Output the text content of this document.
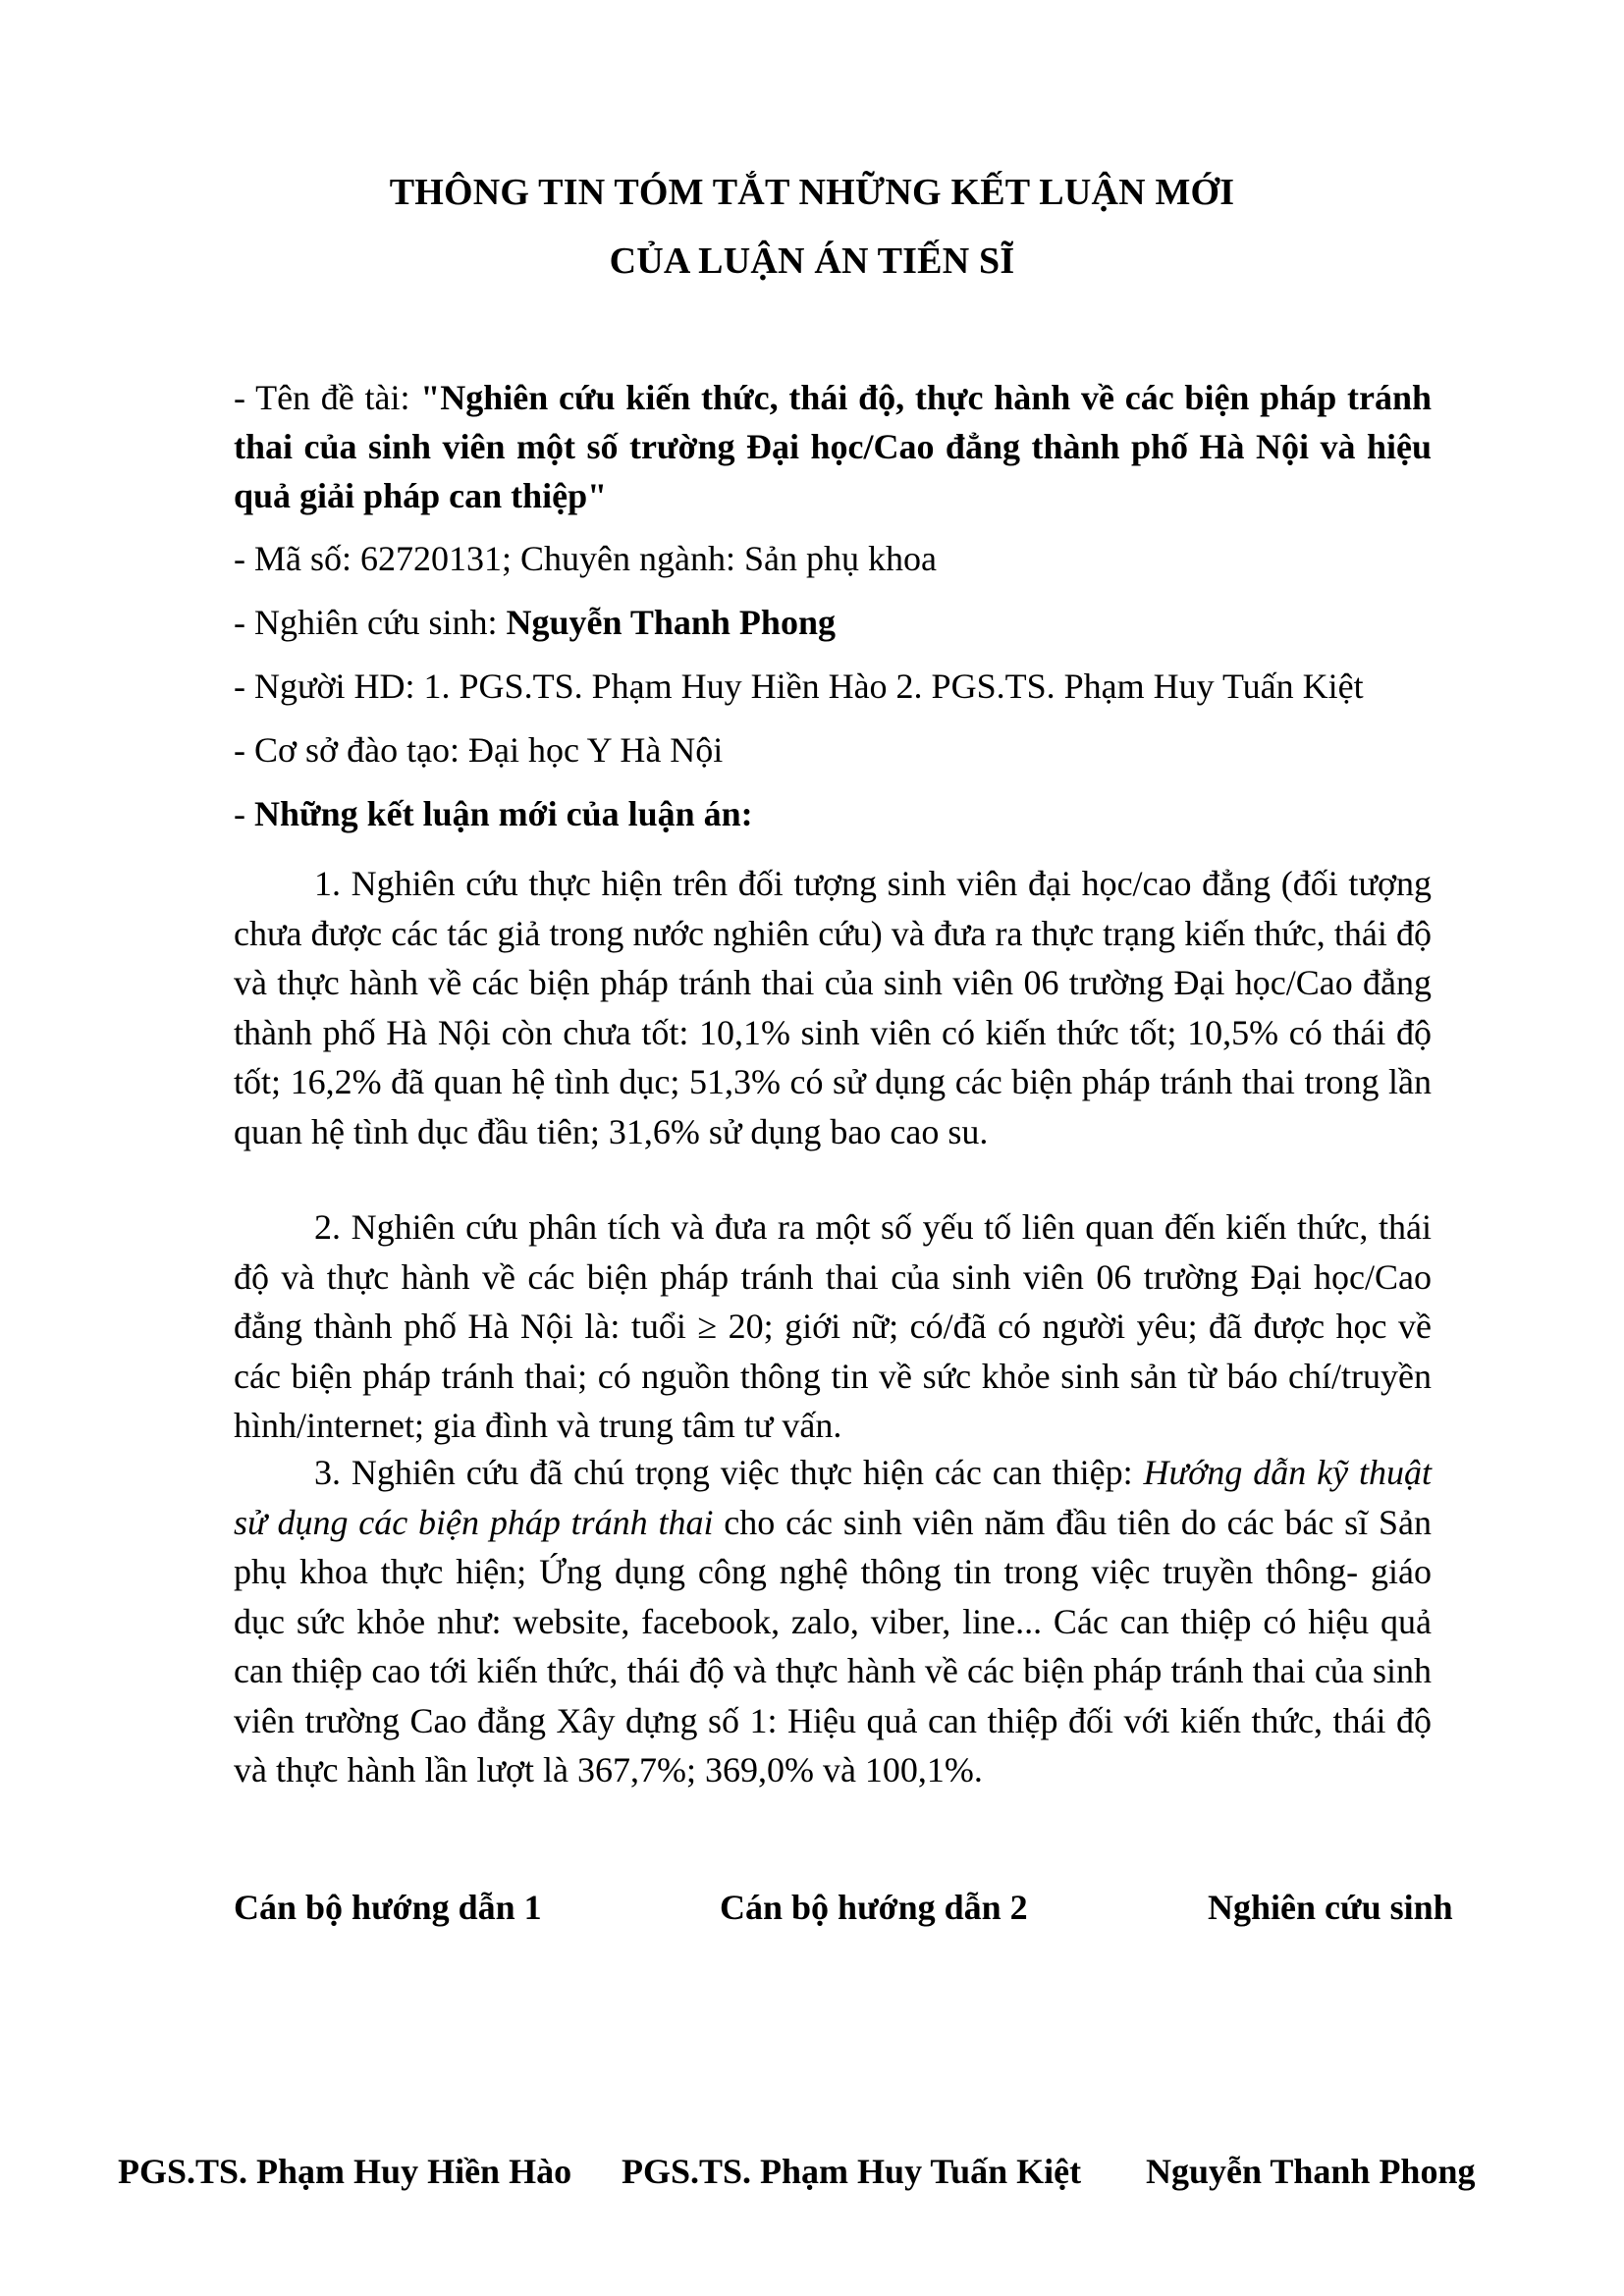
THÔNG TIN TÓM TẮT NHỮNG KẾT LUẬN MỚI
CỦA LUẬN ÁN TIẾN SĨ
- Tên đề tài: "Nghiên cứu kiến thức, thái độ, thực hành về các biện pháp tránh thai của sinh viên một số trường Đại học/Cao đẳng thành phố Hà Nội và hiệu quả giải pháp can thiệp"
- Mã số: 62720131; Chuyên ngành: Sản phụ khoa
- Nghiên cứu sinh: Nguyễn Thanh Phong
- Người HD: 1. PGS.TS. Phạm Huy Hiền Hào 2. PGS.TS. Phạm Huy Tuấn Kiệt
- Cơ sở đào tạo: Đại học Y Hà Nội
- Những kết luận mới của luận án:
1. Nghiên cứu thực hiện trên đối tượng sinh viên đại học/cao đẳng (đối tượng chưa được các tác giả trong nước nghiên cứu) và đưa ra thực trạng kiến thức, thái độ và thực hành về các biện pháp tránh thai của sinh viên 06 trường Đại học/Cao đẳng thành phố Hà Nội còn chưa tốt: 10,1% sinh viên có kiến thức tốt; 10,5% có thái độ tốt; 16,2% đã quan hệ tình dục; 51,3% có sử dụng các biện pháp tránh thai trong lần quan hệ tình dục đầu tiên; 31,6% sử dụng bao cao su.
2. Nghiên cứu phân tích và đưa ra một số yếu tố liên quan đến kiến thức, thái độ và thực hành về các biện pháp tránh thai của sinh viên 06 trường Đại học/Cao đẳng thành phố Hà Nội là: tuổi ≥ 20; giới nữ; có/đã có người yêu; đã được học về các biện pháp tránh thai; có nguồn thông tin về sức khỏe sinh sản từ báo chí/truyền hình/internet; gia đình và trung tâm tư vấn.
3. Nghiên cứu đã chú trọng việc thực hiện các can thiệp: Hướng dẫn kỹ thuật sử dụng các biện pháp tránh thai cho các sinh viên năm đầu tiên do các bác sĩ Sản phụ khoa thực hiện; Ứng dụng công nghệ thông tin trong việc truyền thông- giáo dục sức khỏe như: website, facebook, zalo, viber, line... Các can thiệp có hiệu quả can thiệp cao tới kiến thức, thái độ và thực hành về các biện pháp tránh thai của sinh viên trường Cao đẳng Xây dựng số 1: Hiệu quả can thiệp đối với kiến thức, thái độ và thực hành lần lượt là 367,7%; 369,0% và 100,1%.
Cán bộ hướng dẫn 1	Cán bộ hướng dẫn 2	Nghiên cứu sinh
PGS.TS. Phạm Huy Hiền Hào PGS.TS. Phạm Huy Tuấn Kiệt Nguyễn Thanh Phong
